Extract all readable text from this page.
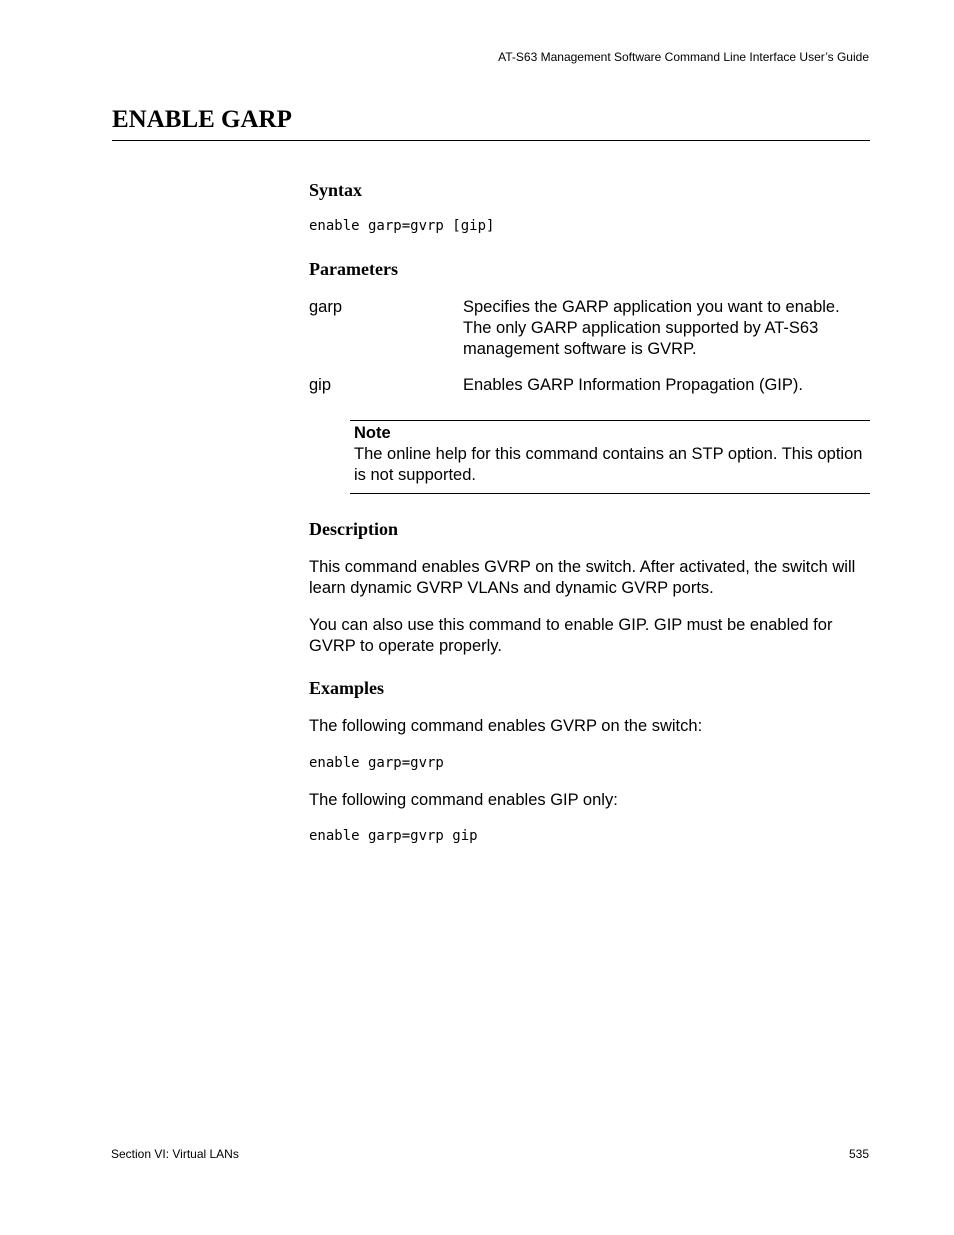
AT-S63 Management Software Command Line Interface User’s Guide
ENABLE GARP
Syntax
enable garp=gvrp [gip]
Parameters
garp	Specifies the GARP application you want to enable. The only GARP application supported by AT-S63 management software is GVRP.
gip	Enables GARP Information Propagation (GIP).
Note
The online help for this command contains an STP option. This option is not supported.
Description
This command enables GVRP on the switch. After activated, the switch will learn dynamic GVRP VLANs and dynamic GVRP ports.
You can also use this command to enable GIP. GIP must be enabled for GVRP to operate properly.
Examples
The following command enables GVRP on the switch:
enable garp=gvrp
The following command enables GIP only:
enable garp=gvrp gip
Section VI: Virtual LANs	535
